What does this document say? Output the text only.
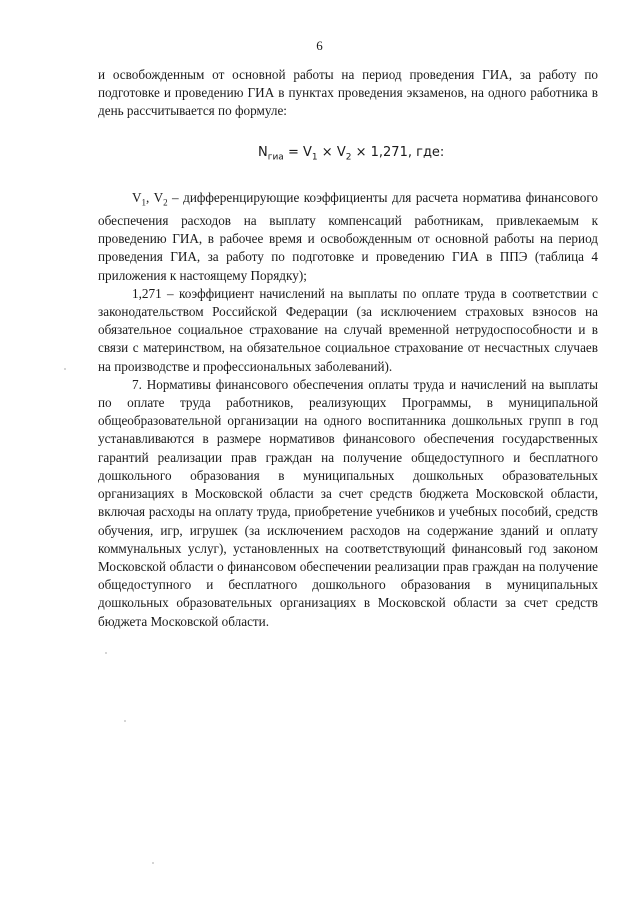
6

и освобожденным от основной работы на период проведения ГИА, за работу по подготовке и проведению ГИА в пунктах проведения экзаменов, на одного работника в день рассчитывается по формуле:

$N_{гиа} = V_1 \times V_2 \times 1,271$, где:

$V_1$, $V_2$ – дифференцирующие коэффициенты для расчета норматива финансового обеспечения расходов на выплату компенсаций работникам, привлекаемым к проведению ГИА, в рабочее время и освобожденным от основной работы на период проведения ГИА, за работу по подготовке и проведению ГИА в ППЭ (таблица 4 приложения к настоящему Порядку);

1,271 – коэффициент начислений на выплаты по оплате труда в соответствии с законодательством Российской Федерации (за исключением страховых взносов на обязательное социальное страхование на случай временной нетрудоспособности и в связи с материнством, на обязательное социальное страхование от несчастных случаев на производстве и профессиональных заболеваний).

7. Нормативы финансового обеспечения оплаты труда и начислений на выплаты по оплате труда работников, реализующих Программы, в муниципальной общеобразовательной организации на одного воспитанника дошкольных групп в год устанавливаются в размере нормативов финансового обеспечения государственных гарантий реализации прав граждан на получение общедоступного и бесплатного дошкольного образования в муниципальных дошкольных образовательных организациях в Московской области за счет средств бюджета Московской области, включая расходы на оплату труда, приобретение учебников и учебных пособий, средств обучения, игр, игрушек (за исключением расходов на содержание зданий и оплату коммунальных услуг), установленных на соответствующий финансовый год законом Московской области о финансовом обеспечении реализации прав граждан на получение общедоступного и бесплатного дошкольного образования в муниципальных дошкольных образовательных организациях в Московской области за счет средств бюджета Московской области.
